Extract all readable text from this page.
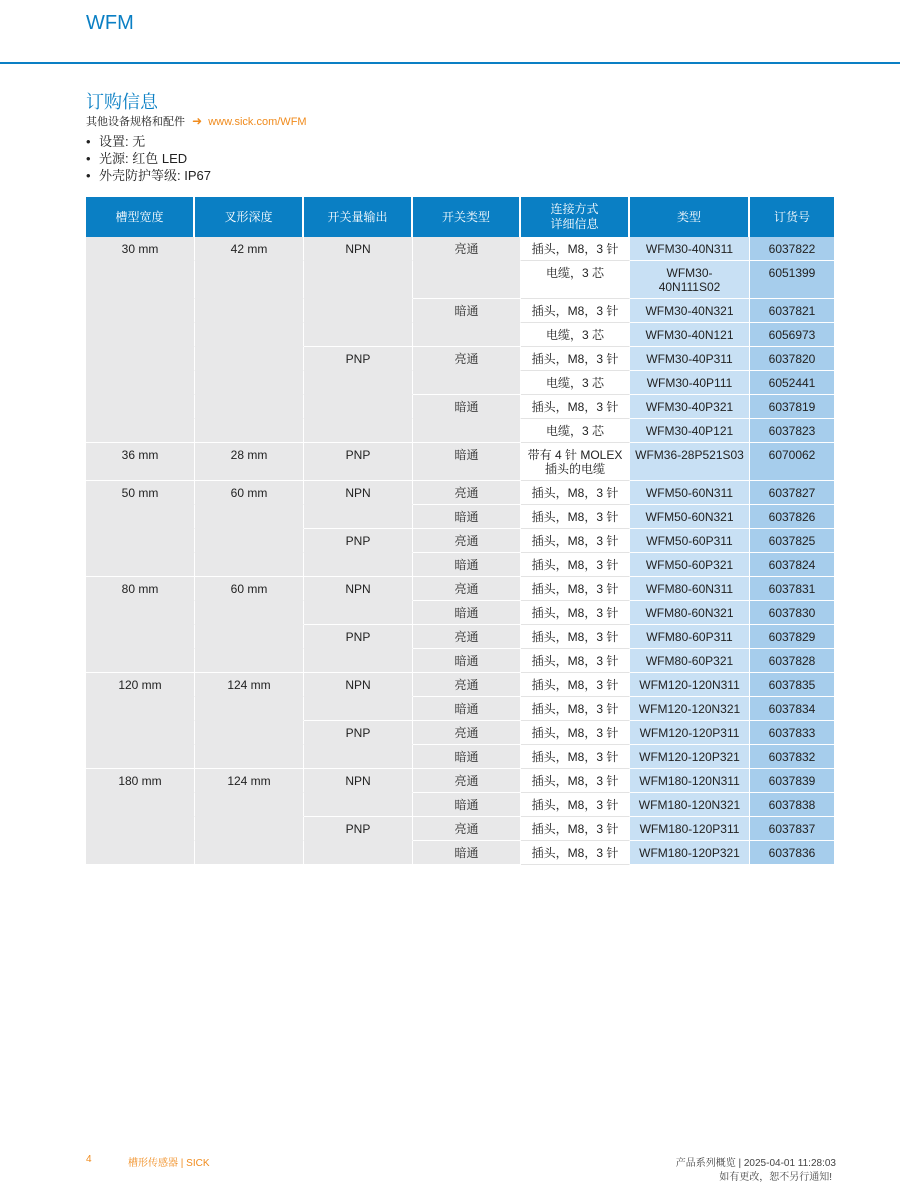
WFM
订购信息
其他设备规格和配件 ➜ www.sick.com/WFM
• 设置: 无
• 光源: 红色 LED
• 外壳防护等级: IP67
槽型宽度	叉形深度	开关量输出	开关类型	连接方式
详细信息	类型	订货号
30 mm	42 mm	NPN	亮通	插头，M8，3 针	WFM30-40N311	6037822
				电缆，3 芯	WFM30-
40N111S02	6051399
			暗通	插头，M8，3 针	WFM30-40N321	6037821
				电缆，3 芯	WFM30-40N121	6056973
		PNP	亮通	插头，M8，3 针	WFM30-40P311	6037820
				电缆，3 芯	WFM30-40P111	6052441
			暗通	插头，M8，3 针	WFM30-40P321	6037819
				电缆，3 芯	WFM30-40P121	6037823
36 mm	28 mm	PNP	暗通	带有 4 针 MOLEX
插头的电缆	WFM36-28P521S03	6070062
50 mm	60 mm	NPN	亮通	插头，M8，3 针	WFM50-60N311	6037827
			暗通	插头，M8，3 针	WFM50-60N321	6037826
		PNP	亮通	插头，M8，3 针	WFM50-60P311	6037825
			暗通	插头，M8，3 针	WFM50-60P321	6037824
80 mm	60 mm	NPN	亮通	插头，M8，3 针	WFM80-60N311	6037831
			暗通	插头，M8，3 针	WFM80-60N321	6037830
		PNP	亮通	插头，M8，3 针	WFM80-60P311	6037829
			暗通	插头，M8，3 针	WFM80-60P321	6037828
120 mm	124 mm	NPN	亮通	插头，M8，3 针	WFM120-120N311	6037835
			暗通	插头，M8，3 针	WFM120-120N321	6037834
		PNP	亮通	插头，M8，3 针	WFM120-120P311	6037833
			暗通	插头，M8，3 针	WFM120-120P321	6037832
180 mm	124 mm	NPN	亮通	插头，M8，3 针	WFM180-120N311	6037839
			暗通	插头，M8，3 针	WFM180-120N321	6037838
		PNP	亮通	插头，M8，3 针	WFM180-120P311	6037837
			暗通	插头，M8，3 针	WFM180-120P321	6037836
4	槽形传感器 | SICK	产品系列概览 | 2025-04-01 11:28:03
如有更改，恕不另行通知!
